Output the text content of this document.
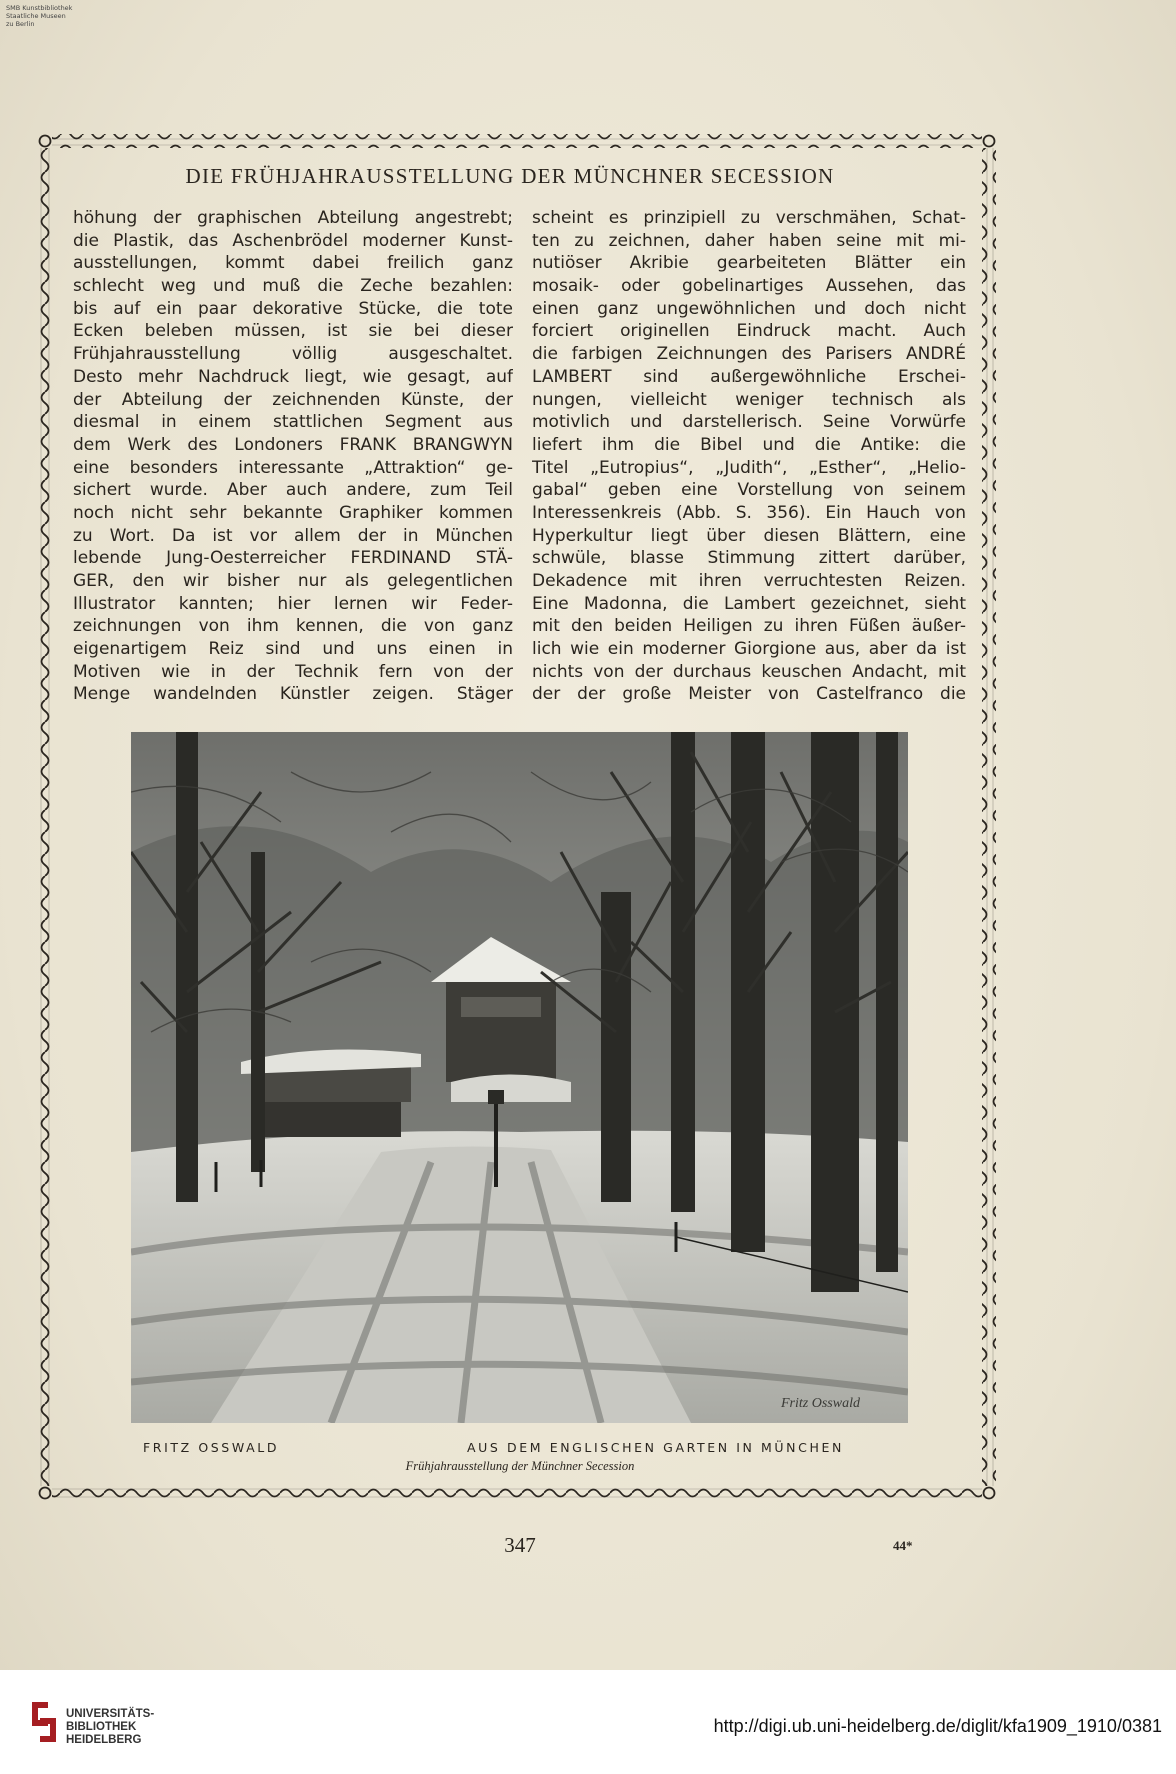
SMB Kunstbibliothek
Staatliche Museen
zu Berlin
DIE FRÜHJAHRAUSSTELLUNG DER MÜNCHNER SECESSION
höhung der graphischen Abteilung angestrebt;
die Plastik, das Aschenbrödel moderner Kunst-
ausstellungen, kommt dabei freilich ganz
schlecht weg und muß die Zeche bezahlen:
bis auf ein paar dekorative Stücke, die tote
Ecken beleben müssen, ist sie bei dieser
Frühjahrausstellung völlig ausgeschaltet.
Desto mehr Nachdruck liegt, wie gesagt, auf
der Abteilung der zeichnenden Künste, der
diesmal in einem stattlichen Segment aus
dem Werk des Londoners FRANK BRANGWYN
eine besonders interessante „Attraktion“ ge-
sichert wurde. Aber auch andere, zum Teil
noch nicht sehr bekannte Graphiker kommen
zu Wort. Da ist vor allem der in München
lebende Jung-Oesterreicher FERDINAND STÄ-
GER, den wir bisher nur als gelegentlichen
Illustrator kannten; hier lernen wir Feder-
zeichnungen von ihm kennen, die von ganz
eigenartigem Reiz sind und uns einen in
Motiven wie in der Technik fern von der
Menge wandelnden Künstler zeigen. Stäger
scheint es prinzipiell zu verschmähen, Schat-
ten zu zeichnen, daher haben seine mit mi-
nutiöser Akribie gearbeiteten Blätter ein
mosaik- oder gobelinartiges Aussehen, das
einen ganz ungewöhnlichen und doch nicht
forciert originellen Eindruck macht. Auch
die farbigen Zeichnungen des Parisers ANDRÉ
LAMBERT sind außergewöhnliche Erschei-
nungen, vielleicht weniger technisch als
motivlich und darstellerisch. Seine Vorwürfe
liefert ihm die Bibel und die Antike: die
Titel „Eutropius“, „Judith“, „Esther“, „Helio-
gabal“ geben eine Vorstellung von seinem
Interessenkreis (Abb. S. 356). Ein Hauch von
Hyperkultur liegt über diesen Blättern, eine
schwüle, blasse Stimmung zittert darüber,
Dekadence mit ihren verruchtesten Reizen.
Eine Madonna, die Lambert gezeichnet, sieht
mit den beiden Heiligen zu ihren Füßen äußer-
lich wie ein moderner Giorgione aus, aber da ist
nichts von der durchaus keuschen Andacht, mit
der der große Meister von Castelfranco die
Fritz Osswald
FRITZ OSSWALD	AUS DEM ENGLISCHEN GARTEN IN MÜNCHEN
Frühjahrausstellung der Münchner Secession
347	44*
UNIVERSITÄTS-
BIBLIOTHEK
HEIDELBERG
http://digi.ub.uni-heidelberg.de/diglit/kfa1909_1910/0381
